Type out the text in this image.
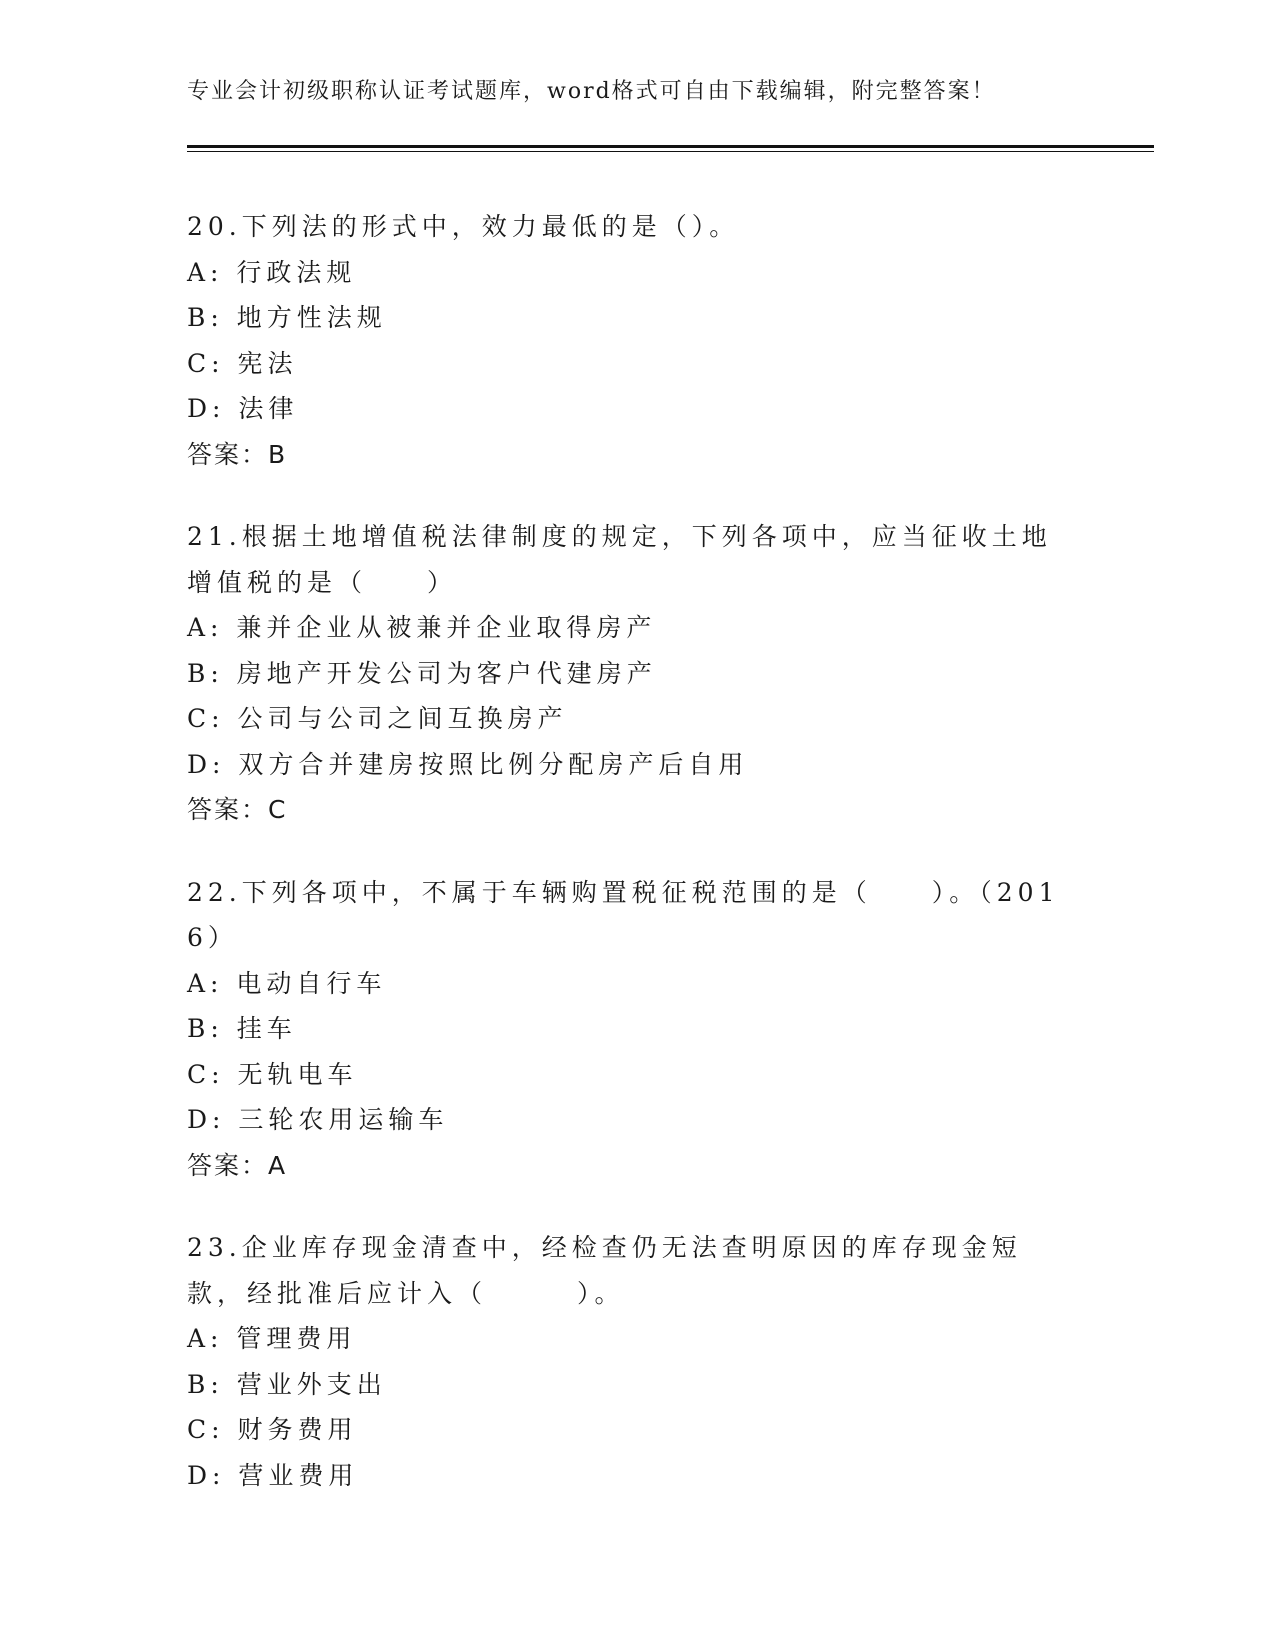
专业会计初级职称认证考试题库，word格式可自由下载编辑，附完整答案！
20.下列法的形式中，效力最低的是（）。
A: 行政法规
B: 地方性法规
C: 宪法
D: 法律
答案：B
21.根据土地增值税法律制度的规定，下列各项中，应当征收土地增值税的是（　　）
A: 兼并企业从被兼并企业取得房产
B: 房地产开发公司为客户代建房产
C: 公司与公司之间互换房产
D: 双方合并建房按照比例分配房产后自用
答案：C
22.下列各项中，不属于车辆购置税征税范围的是（　　）。（2016）
A: 电动自行车
B: 挂车
C: 无轨电车
D: 三轮农用运输车
答案：A
23.企业库存现金清查中，经检查仍无法查明原因的库存现金短款，经批准后应计入（　　　）。
A: 管理费用
B: 营业外支出
C: 财务费用
D: 营业费用
